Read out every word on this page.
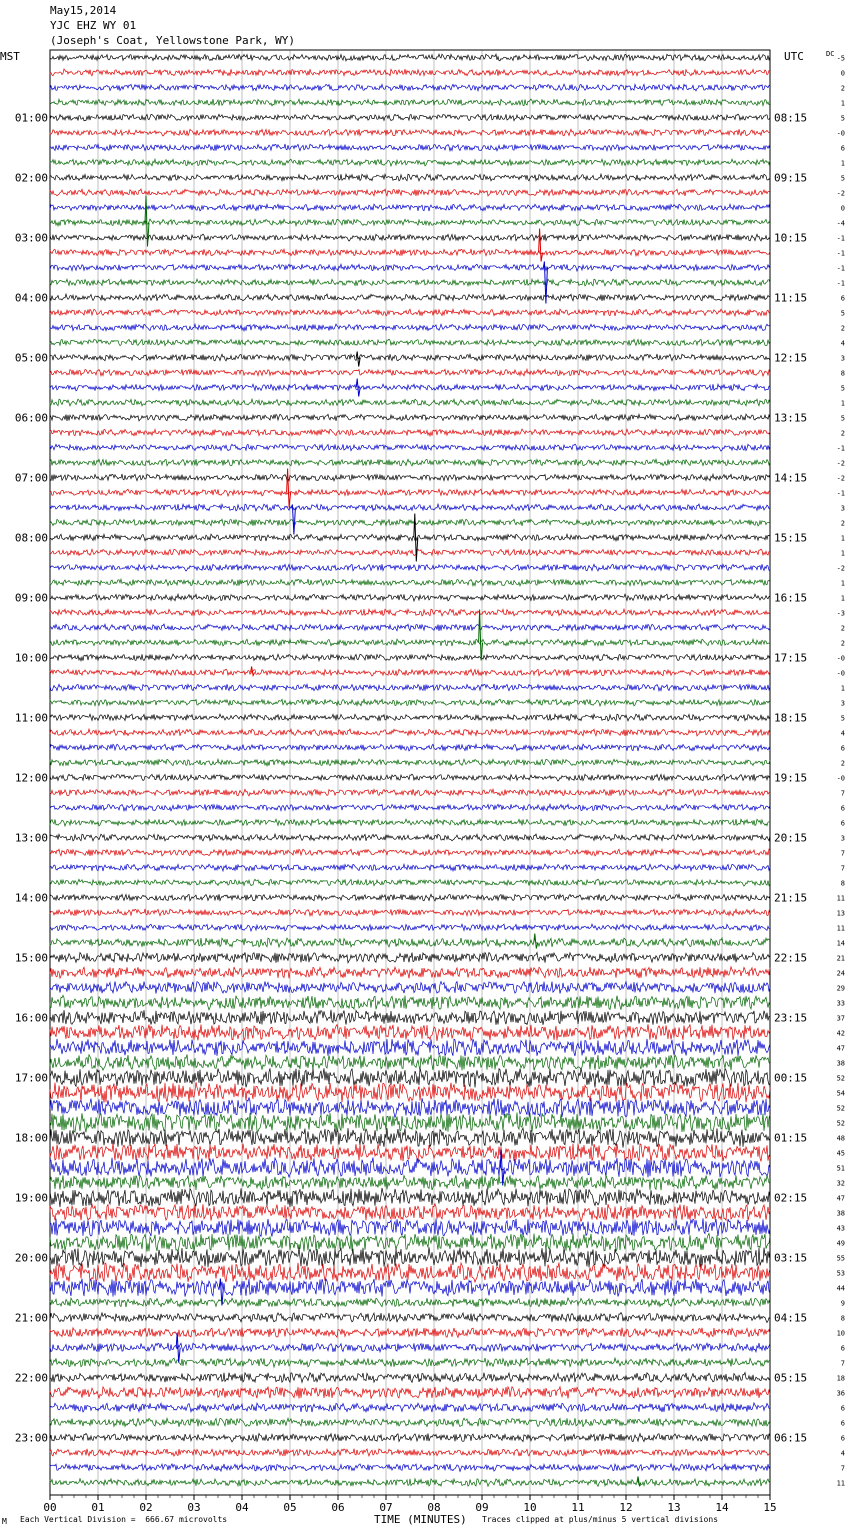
May15,2014
YJC EHZ WY 01
(Joseph's Coat, Yellowstone Park, WY)
MST	UTC	DC
01:00
02:00
03:00
04:00
05:00
06:00
07:00
08:00
09:00
10:00
11:00
12:00
13:00
14:00
15:00
16:00
17:00
18:00
19:00
20:00
21:00
22:00
23:00
08:15
09:15
10:15
11:15
12:15
13:15
14:15
15:15
16:15
17:15
18:15
19:15
20:15
21:15
22:15
23:15
00:15
01:15
02:15
03:15
04:15
05:15
06:15
-5
0
2
1
5
-0
6
1
5
-2
0
-4
-1
-1
-1
-1
6
5
2
4
3
8
5
1
5
2
-1
-2
-2
-1
3
2
1
1
-2
1
1
-3
2
2
-0
-0
1
3
5
4
6
2
-0
7
6
6
3
7
7
8
11
13
11
14
21
24
29
33
37
42
47
38
52
54
52
52
48
45
51
32
47
38
43
49
55
53
44
9
8
10
6
7
18
36
6
6
6
4
7
11
00	01	02	03	04	05	06	07	08	09	10	11	12	13	14	15
Each Vertical Division =  666.67 microvolts
M	TIME (MINUTES) Traces clipped at plus/minus 5 vertical divisions
